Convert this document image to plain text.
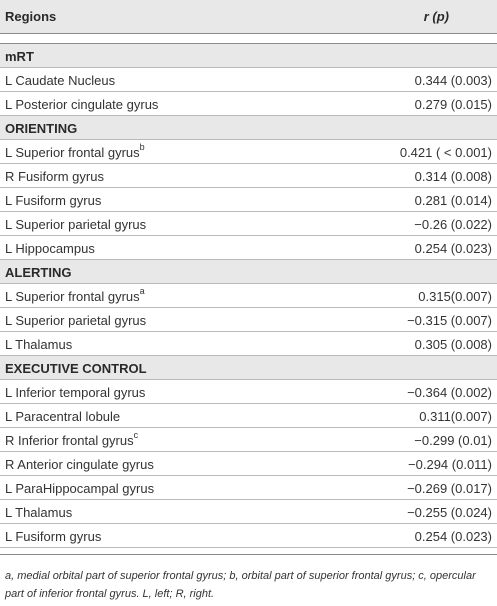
Regions	r (p)
mRT
L Caudate Nucleus	0.344 (0.003)
L Posterior cingulate gyrus	0.279 (0.015)
ORIENTING
L Superior frontal gyrus$^b$	0.421 ( < 0.001)
R Fusiform gyrus	0.314 (0.008)
L Fusiform gyrus	0.281 (0.014)
L Superior parietal gyrus	−0.26 (0.022)
L Hippocampus	0.254 (0.023)
ALERTING
L Superior frontal gyrus$^a$	0.315(0.007)
L Superior parietal gyrus	−0.315 (0.007)
L Thalamus	0.305 (0.008)
EXECUTIVE CONTROL
L Inferior temporal gyrus	−0.364 (0.002)
L Paracentral lobule	0.311(0.007)
R Inferior frontal gyrus$^c$	−0.299 (0.01)
R Anterior cingulate gyrus	−0.294 (0.011)
L ParaHippocampal gyrus	−0.269 (0.017)
L Thalamus	−0.255 (0.024)
L Fusiform gyrus	0.254 (0.023)
a, medial orbital part of superior frontal gyrus; b, orbital part of superior frontal gyrus; c, opercular part of inferior frontal gyrus. L, left; R, right.
